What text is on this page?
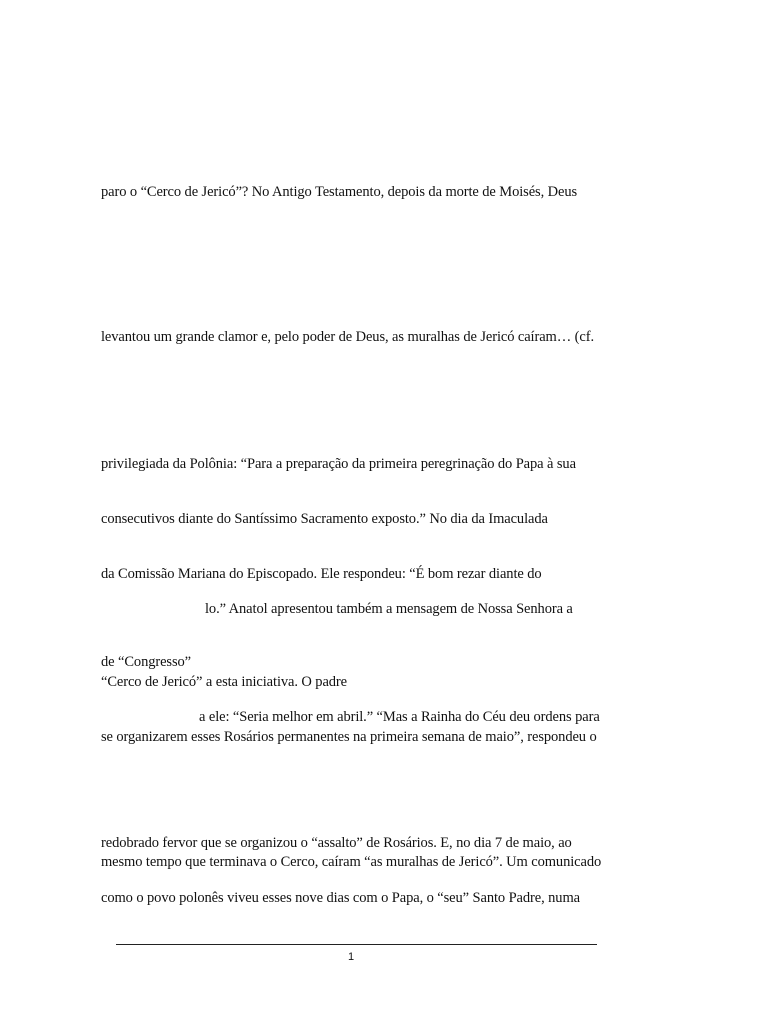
paro o “Cerco de Jericó”? No Antigo Testamento, depois da morte de Moisés, Deus
levantou um grande clamor e, pelo poder de Deus, as muralhas de Jericó caíram… (cf.
privilegiada da Polônia: “Para a preparação da primeira peregrinação do Papa à sua
consecutivos diante do Santíssimo Sacramento exposto.” No dia da Imaculada
da Comissão Mariana do Episcopado. Ele respondeu: “É bom rezar diante do
lo.” Anatol apresentou também a mensagem de Nossa Senhora a
de “Congresso”
“Cerco de Jericó” a esta iniciativa. O padre
a ele: “Seria melhor em abril.” “Mas a Rainha do Céu deu ordens para
se organizarem esses Rosários permanentes na primeira semana de maio”, respondeu o
redobrado fervor que se organizou o “assalto” de Rosários. E, no dia 7 de maio, ao
mesmo tempo que terminava o Cerco, caíram “as muralhas de Jericó”. Um comunicado
como o povo polonês viveu esses nove dias com o Papa, o “seu” Santo Padre, numa
1
